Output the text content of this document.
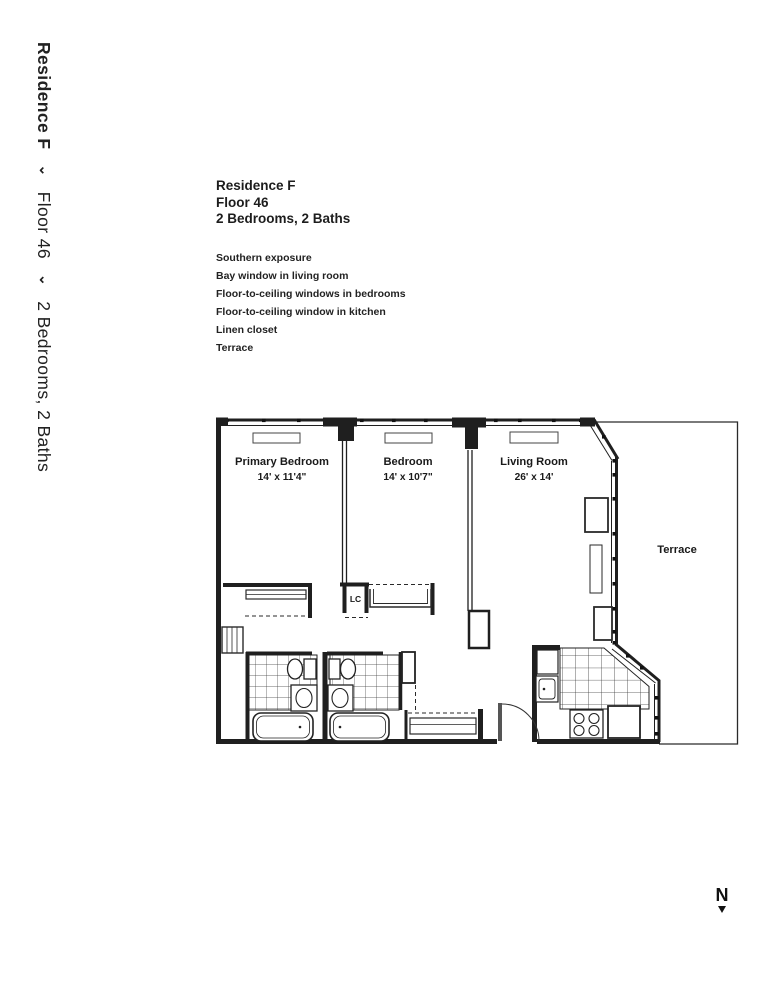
Residence F
⌄
Floor 46
⌄
2 Bedrooms, 2 Baths
Residence F
Floor 46
2 Bedrooms, 2 Baths
Southern exposure
Bay window in living room
Floor-to-ceiling windows in bedrooms
Floor-to-ceiling window in kitchen
Linen closet
Terrace
Primary Bedroom
14' x 11'4"
Bedroom
14' x 10'7"
Living Room
26' x 14'
Terrace
LC
N
